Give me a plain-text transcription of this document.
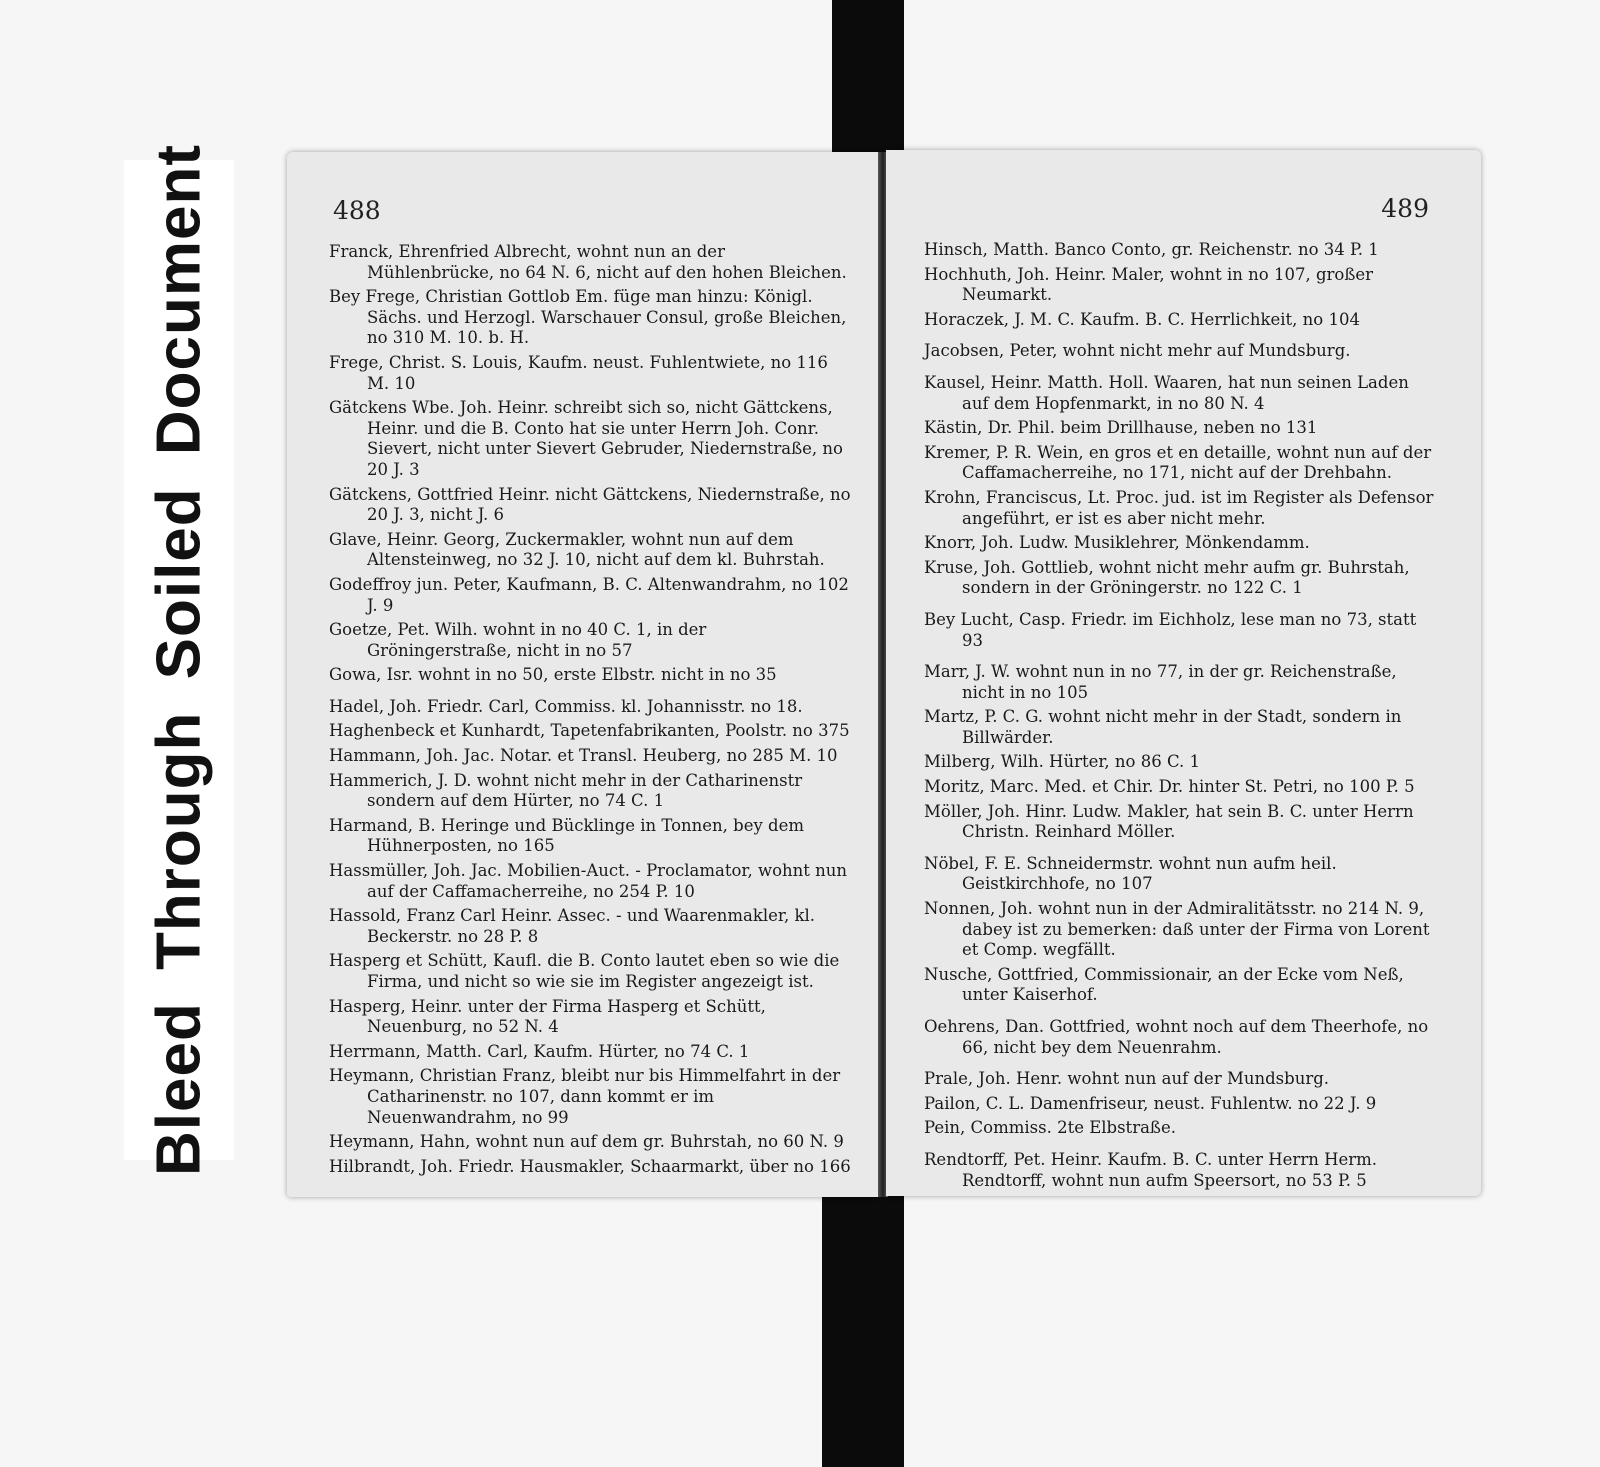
Bleed Through Soiled Document	488

Franck, Ehrenfried Albrecht, wohnt nun an der Mühlenbrücke, no 64 N. 6, nicht auf den hohen Bleichen.

Bey Frege, Christian Gottlob Em. füge man hinzu: Königl. Sächs. und Herzogl. Warschauer Consul, große Bleichen, no 310 M. 10. b. H.

Frege, Christ. S. Louis, Kaufm. neust. Fuhlentwiete, no 116 M. 10

Gätckens Wbe. Joh. Heinr. schreibt sich so, nicht Gättckens, Heinr. und die B. Conto hat sie unter Herrn Joh. Conr. Sievert, nicht unter Sievert Gebruder, Niedernstraße, no 20 J. 3

Gätckens, Gottfried Heinr. nicht Gättckens, Niedernstraße, no 20 J. 3, nicht J. 6

Glave, Heinr. Georg, Zuckermakler, wohnt nun auf dem Altensteinweg, no 32 J. 10, nicht auf dem kl. Buhrstah.

Godeffroy jun. Peter, Kaufmann, B. C. Altenwandrahm, no 102 J. 9

Goetze, Pet. Wilh. wohnt in no 40 C. 1, in der Gröningerstraße, nicht in no 57

Gowa, Isr. wohnt in no 50, erste Elbstr. nicht in no 35

Hadel, Joh. Friedr. Carl, Commiss. kl. Johannisstr. no 18.

Haghenbeck et Kunhardt, Tapetenfabrikanten, Poolstr. no 375

Hammann, Joh. Jac. Notar. et Transl. Heuberg, no 285 M. 10

Hammerich, J. D. wohnt nicht mehr in der Catharinenstr sondern auf dem Hürter, no 74 C. 1

Harmand, B. Heringe und Bücklinge in Tonnen, bey dem Hühnerposten, no 165

Hassmüller, Joh. Jac. Mobilien-Auct. - Proclamator, wohnt nun auf der Caffamacherreihe, no 254 P. 10

Hassold, Franz Carl Heinr. Assec. - und Waarenmakler, kl. Beckerstr. no 28 P. 8

Hasperg et Schütt, Kaufl. die B. Conto lautet eben so wie die Firma, und nicht so wie sie im Register angezeigt ist.

Hasperg, Heinr. unter der Firma Hasperg et Schütt, Neuenburg, no 52 N. 4

Herrmann, Matth. Carl, Kaufm. Hürter, no 74 C. 1

Heymann, Christian Franz, bleibt nur bis Himmelfahrt in der Catharinenstr. no 107, dann kommt er im Neuenwandrahm, no 99

Heymann, Hahn, wohnt nun auf dem gr. Buhrstah, no 60 N. 9

Hilbrandt, Joh. Friedr. Hausmakler, Schaarmarkt, über no 166

489

Hinsch, Matth. Banco Conto, gr. Reichenstr. no 34 P. 1

Hochhuth, Joh. Heinr. Maler, wohnt in no 107, großer Neumarkt.

Horaczek, J. M. C. Kaufm. B. C. Herrlichkeit, no 104

Jacobsen, Peter, wohnt nicht mehr auf Mundsburg.

Kausel, Heinr. Matth. Holl. Waaren, hat nun seinen Laden auf dem Hopfenmarkt, in no 80 N. 4

Kästin, Dr. Phil. beim Drillhause, neben no 131

Kremer, P. R. Wein, en gros et en detaille, wohnt nun auf der Caffamacherreihe, no 171, nicht auf der Drehbahn.

Krohn, Franciscus, Lt. Proc. jud. ist im Register als Defensor angeführt, er ist es aber nicht mehr.

Knorr, Joh. Ludw. Musiklehrer, Mönkendamm.

Kruse, Joh. Gottlieb, wohnt nicht mehr aufm gr. Buhrstah, sondern in der Gröningerstr. no 122 C. 1

Bey Lucht, Casp. Friedr. im Eichholz, lese man no 73, statt 93

Marr, J. W. wohnt nun in no 77, in der gr. Reichenstraße, nicht in no 105

Martz, P. C. G. wohnt nicht mehr in der Stadt, sondern in Billwärder.

Milberg, Wilh. Hürter, no 86 C. 1

Moritz, Marc. Med. et Chir. Dr. hinter St. Petri, no 100 P. 5

Möller, Joh. Hinr. Ludw. Makler, hat sein B. C. unter Herrn Christn. Reinhard Möller.

Nöbel, F. E. Schneidermstr. wohnt nun aufm heil. Geistkirchhofe, no 107

Nonnen, Joh. wohnt nun in der Admiralitätsstr. no 214 N. 9, dabey ist zu bemerken: daß unter der Firma von Lorent et Comp. wegfällt.

Nusche, Gottfried, Commissionair, an der Ecke vom Neß, unter Kaiserhof.

Oehrens, Dan. Gottfried, wohnt noch auf dem Theerhofe, no 66, nicht bey dem Neuenrahm.

Prale, Joh. Henr. wohnt nun auf der Mundsburg.

Pailon, C. L. Damenfriseur, neust. Fuhlentw. no 22 J. 9

Pein, Commiss. 2te Elbstraße.

Rendtorff, Pet. Heinr. Kaufm. B. C. unter Herrn Herm. Rendtorff, wohnt nun aufm Speersort, no 53 P. 5
